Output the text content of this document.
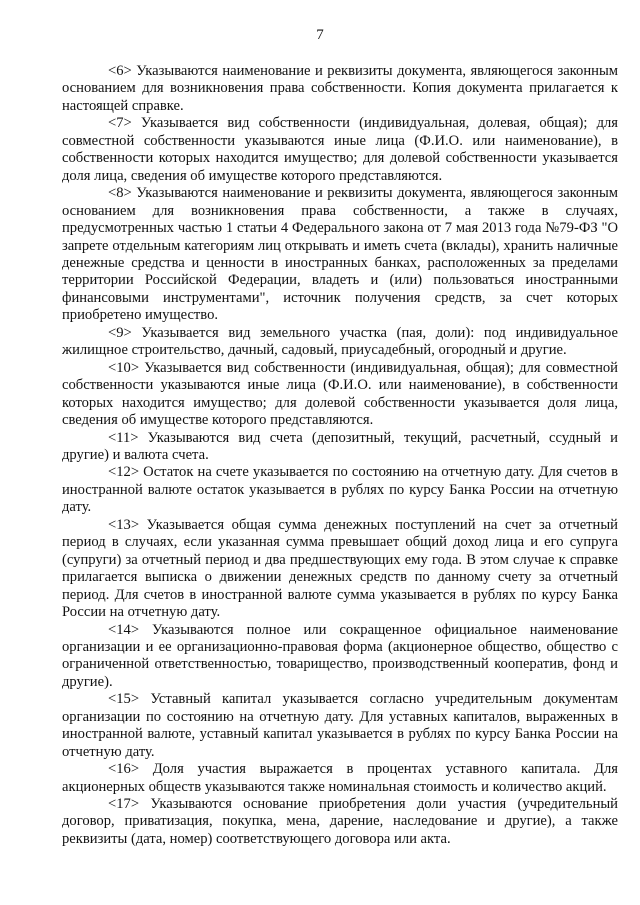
7

<6> Указываются наименование и реквизиты документа, являющегося законным основанием для возникновения права собственности. Копия документа прилагается к настоящей справке.

<7> Указывается вид собственности (индивидуальная, долевая, общая); для совместной собственности указываются иные лица (Ф.И.О. или наименование), в собственности которых находится имущество; для долевой собственности указывается доля лица, сведения об имуществе которого представляются.

<8> Указываются наименование и реквизиты документа, являющегося законным основанием для возникновения права собственности, а также в случаях, предусмотренных частью 1 статьи 4 Федерального закона от 7 мая 2013 года №79-ФЗ "О запрете отдельным категориям лиц открывать и иметь счета (вклады), хранить наличные денежные средства и ценности в иностранных банках, расположенных за пределами территории Российской Федерации, владеть и (или) пользоваться иностранными финансовыми инструментами", источник получения средств, за счет которых приобретено имущество.

<9> Указывается вид земельного участка (пая, доли): под индивидуальное жилищное строительство, дачный, садовый, приусадебный, огородный и другие.

<10> Указывается вид собственности (индивидуальная, общая); для совместной собственности указываются иные лица (Ф.И.О. или наименование), в собственности которых находится имущество; для долевой собственности указывается доля лица, сведения об имуществе которого представляются.

<11> Указываются вид счета (депозитный, текущий, расчетный, ссудный и другие) и валюта счета.

<12> Остаток на счете указывается по состоянию на отчетную дату. Для счетов в иностранной валюте остаток указывается в рублях по курсу Банка России на отчетную дату.

<13> Указывается общая сумма денежных поступлений на счет за отчетный период в случаях, если указанная сумма превышает общий доход лица и его супруга (супруги) за отчетный период и два предшествующих ему года. В этом случае к справке прилагается выписка о движении денежных средств по данному счету за отчетный период. Для счетов в иностранной валюте сумма указывается в рублях по курсу Банка России на отчетную дату.

<14> Указываются полное или сокращенное официальное наименование организации и ее организационно-правовая форма (акционерное общество, общество с ограниченной ответственностью, товарищество, производственный кооператив, фонд и другие).

<15> Уставный капитал указывается согласно учредительным документам организации по состоянию на отчетную дату. Для уставных капиталов, выраженных в иностранной валюте, уставный капитал указывается в рублях по курсу Банка России на отчетную дату.

<16> Доля участия выражается в процентах уставного капитала. Для акционерных обществ указываются также номинальная стоимость и количество акций.

<17> Указываются основание приобретения доли участия (учредительный договор, приватизация, покупка, мена, дарение, наследование и другие), а также реквизиты (дата, номер) соответствующего договора или акта.
